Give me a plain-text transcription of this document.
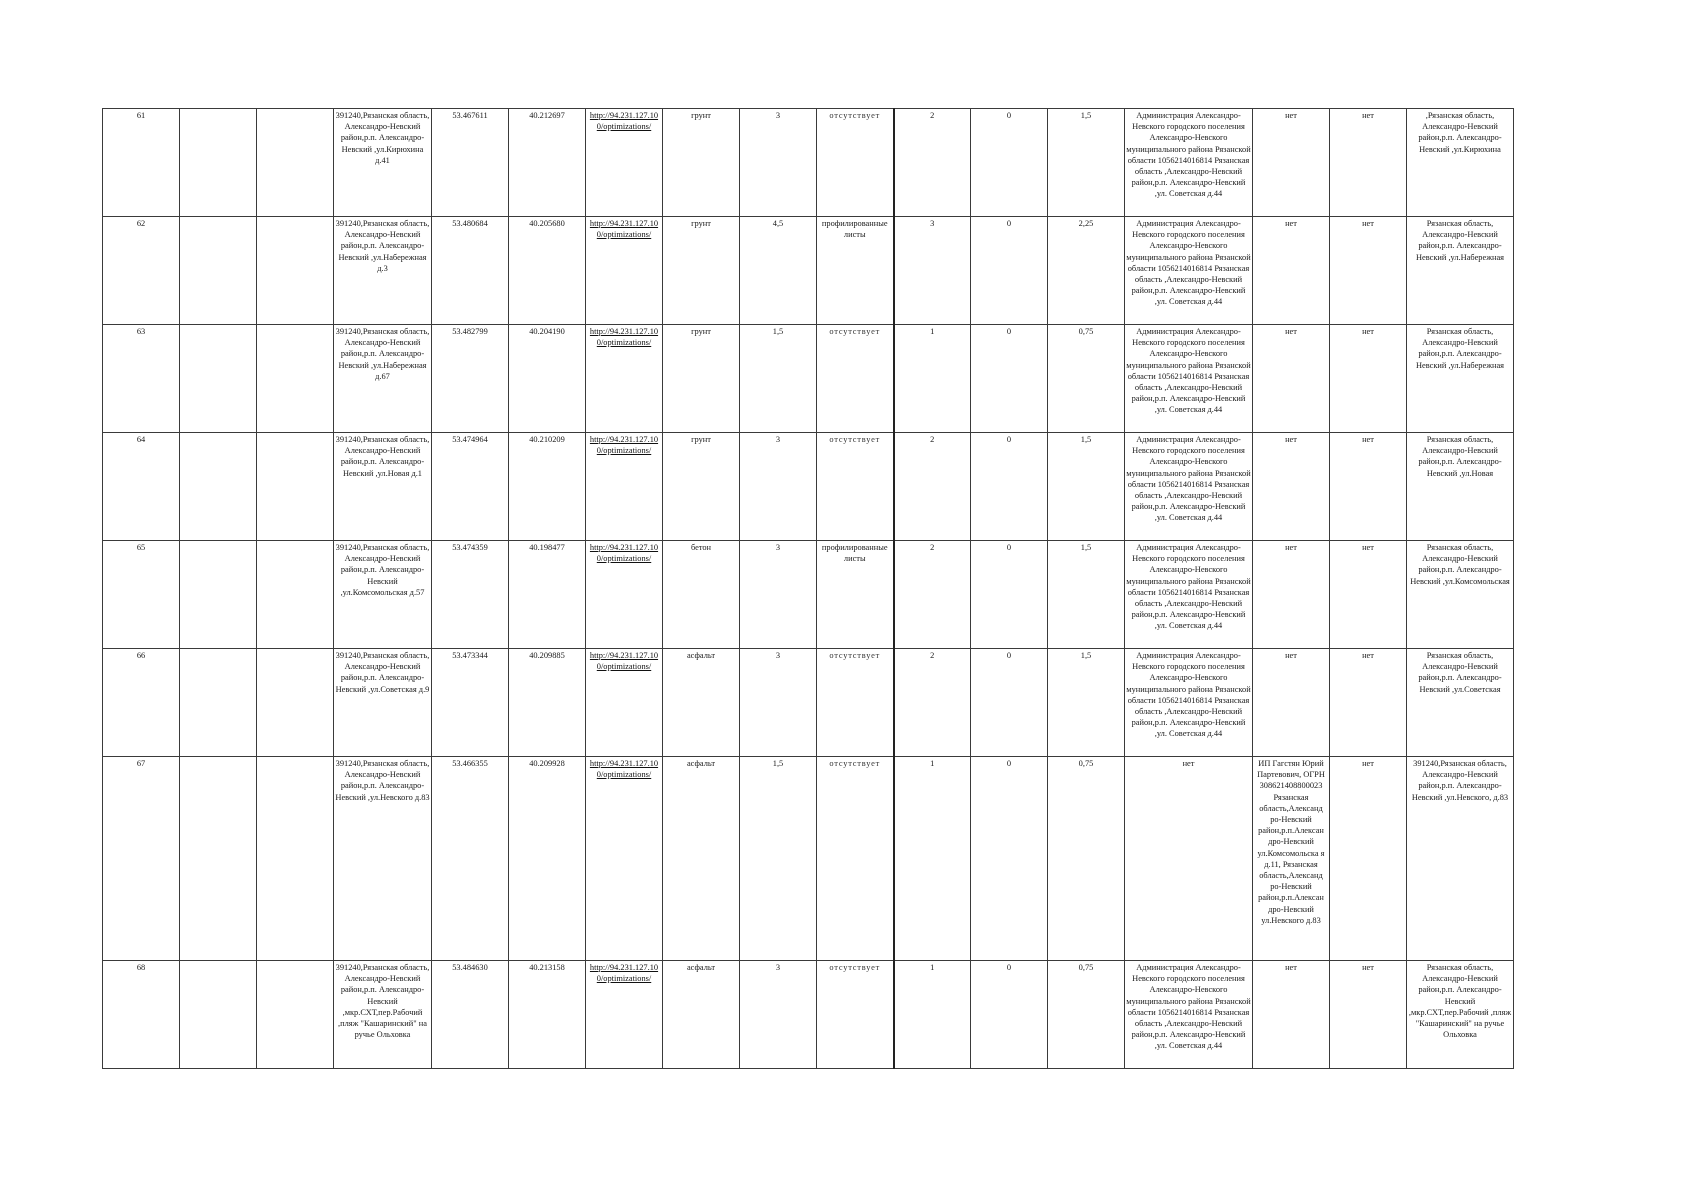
61			391240,Рязанская область, Александро-Невский район,р.п. Александро-Невский ,ул.Кирюхина д.41	53.467611	40.212697	http://94.231.127.10 0/optimizations/	грунт	3	отсутствует	2	0	1,5	Администрация Александро-Невского городского поселения Александро-Невского муниципального района Рязанской области 1056214016814 Рязанская область ,Александро-Невский район,р.п. Александро-Невский ,ул. Советская д.44	нет	нет	,Рязанская область, Александро-Невский район,р.п. Александро-Невский ,ул.Кирюхина
62			391240,Рязанская область, Александро-Невский район,р.п. Александро-Невский ,ул.Набережная д.3	53.480684	40.205680	http://94.231.127.10 0/optimizations/	грунт	4,5	профилированные листы	3	0	2,25	Администрация Александро-Невского городского поселения Александро-Невского муниципального района Рязанской области 1056214016814 Рязанская область ,Александро-Невский район,р.п. Александро-Невский ,ул. Советская д.44	нет	нет	Рязанская область, Александро-Невский район,р.п. Александро-Невский ,ул.Набережная
63			391240,Рязанская область, Александро-Невский район,р.п. Александро-Невский ,ул.Набережная д.67	53.482799	40.204190	http://94.231.127.10 0/optimizations/	грунт	1,5	отсутствует	1	0	0,75	Администрация Александро-Невского городского поселения Александро-Невского муниципального района Рязанской области 1056214016814 Рязанская область ,Александро-Невский район,р.п. Александро-Невский ,ул. Советская д.44	нет	нет	Рязанская область, Александро-Невский район,р.п. Александро-Невский ,ул.Набережная
64			391240,Рязанская область, Александро-Невский район,р.п. Александро-Невский ,ул.Новая д.1	53.474964	40.210209	http://94.231.127.10 0/optimizations/	грунт	3	отсутствует	2	0	1,5	Администрация Александро-Невского городского поселения Александро-Невского муниципального района Рязанской области 1056214016814 Рязанская область ,Александро-Невский район,р.п. Александро-Невский ,ул. Советская д.44	нет	нет	Рязанская область, Александро-Невский район,р.п. Александро-Невский ,ул.Новая
65			391240,Рязанская область, Александро-Невский район,р.п. Александро-Невский ,ул.Комсомольская д.57	53.474359	40.198477	http://94.231.127.10 0/optimizations/	бетон	3	профилированные листы	2	0	1,5	Администрация Александро-Невского городского поселения Александро-Невского муниципального района Рязанской области 1056214016814 Рязанская область ,Александро-Невский район,р.п. Александро-Невский ,ул. Советская д.44	нет	нет	Рязанская область, Александро-Невский район,р.п. Александро-Невский ,ул.Комсомольская
66			391240,Рязанская область, Александро-Невский район,р.п. Александро-Невский ,ул.Советская д.9	53.473344	40.209885	http://94.231.127.10 0/optimizations/	асфальт	3	отсутствует	2	0	1,5	Администрация Александро-Невского городского поселения Александро-Невского муниципального района Рязанской области 1056214016814 Рязанская область ,Александро-Невский район,р.п. Александро-Невский ,ул. Советская д.44	нет	нет	Рязанская область, Александро-Невский район,р.п. Александро-Невский ,ул.Советская
67			391240,Рязанская область, Александро-Невский район,р.п. Александро-Невский ,ул.Невского д.83	53.466355	40.209928	http://94.231.127.10 0/optimizations/	асфальт	1,5	отсутствует	1	0	0,75	нет	ИП Гагстян Юрий Партевович, ОГРН 308621408800023 Рязанская область,Александ ро-Невский район,р.п.Алексан дро-Невский ул.Комсомольска я д.11, Рязанская область,Александ ро-Невский район,р.п.Алексан дро-Невский ул.Невского д.83	нет	391240,Рязанская область, Александро-Невский район,р.п. Александро-Невский ,ул.Невского, д.83
68			391240,Рязанская область, Александро-Невский район,р.п. Александро-Невский ,мкр.СХТ,пер.Рабочий ,пляж "Кашаринский" на ручье Ольховка	53.484630	40.213158	http://94.231.127.10 0/optimizations/	асфальт	3	отсутствует	1	0	0,75	Администрация Александро-Невского городского поселения Александро-Невского муниципального района Рязанской области 1056214016814 Рязанская область ,Александро-Невский район,р.п. Александро-Невский ,ул. Советская д.44	нет	нет	Рязанская область, Александро-Невский район,р.п. Александро-Невский ,мкр.СХТ,пер.Рабочий ,пляж "Кашаринский" на ручье Ольховка
